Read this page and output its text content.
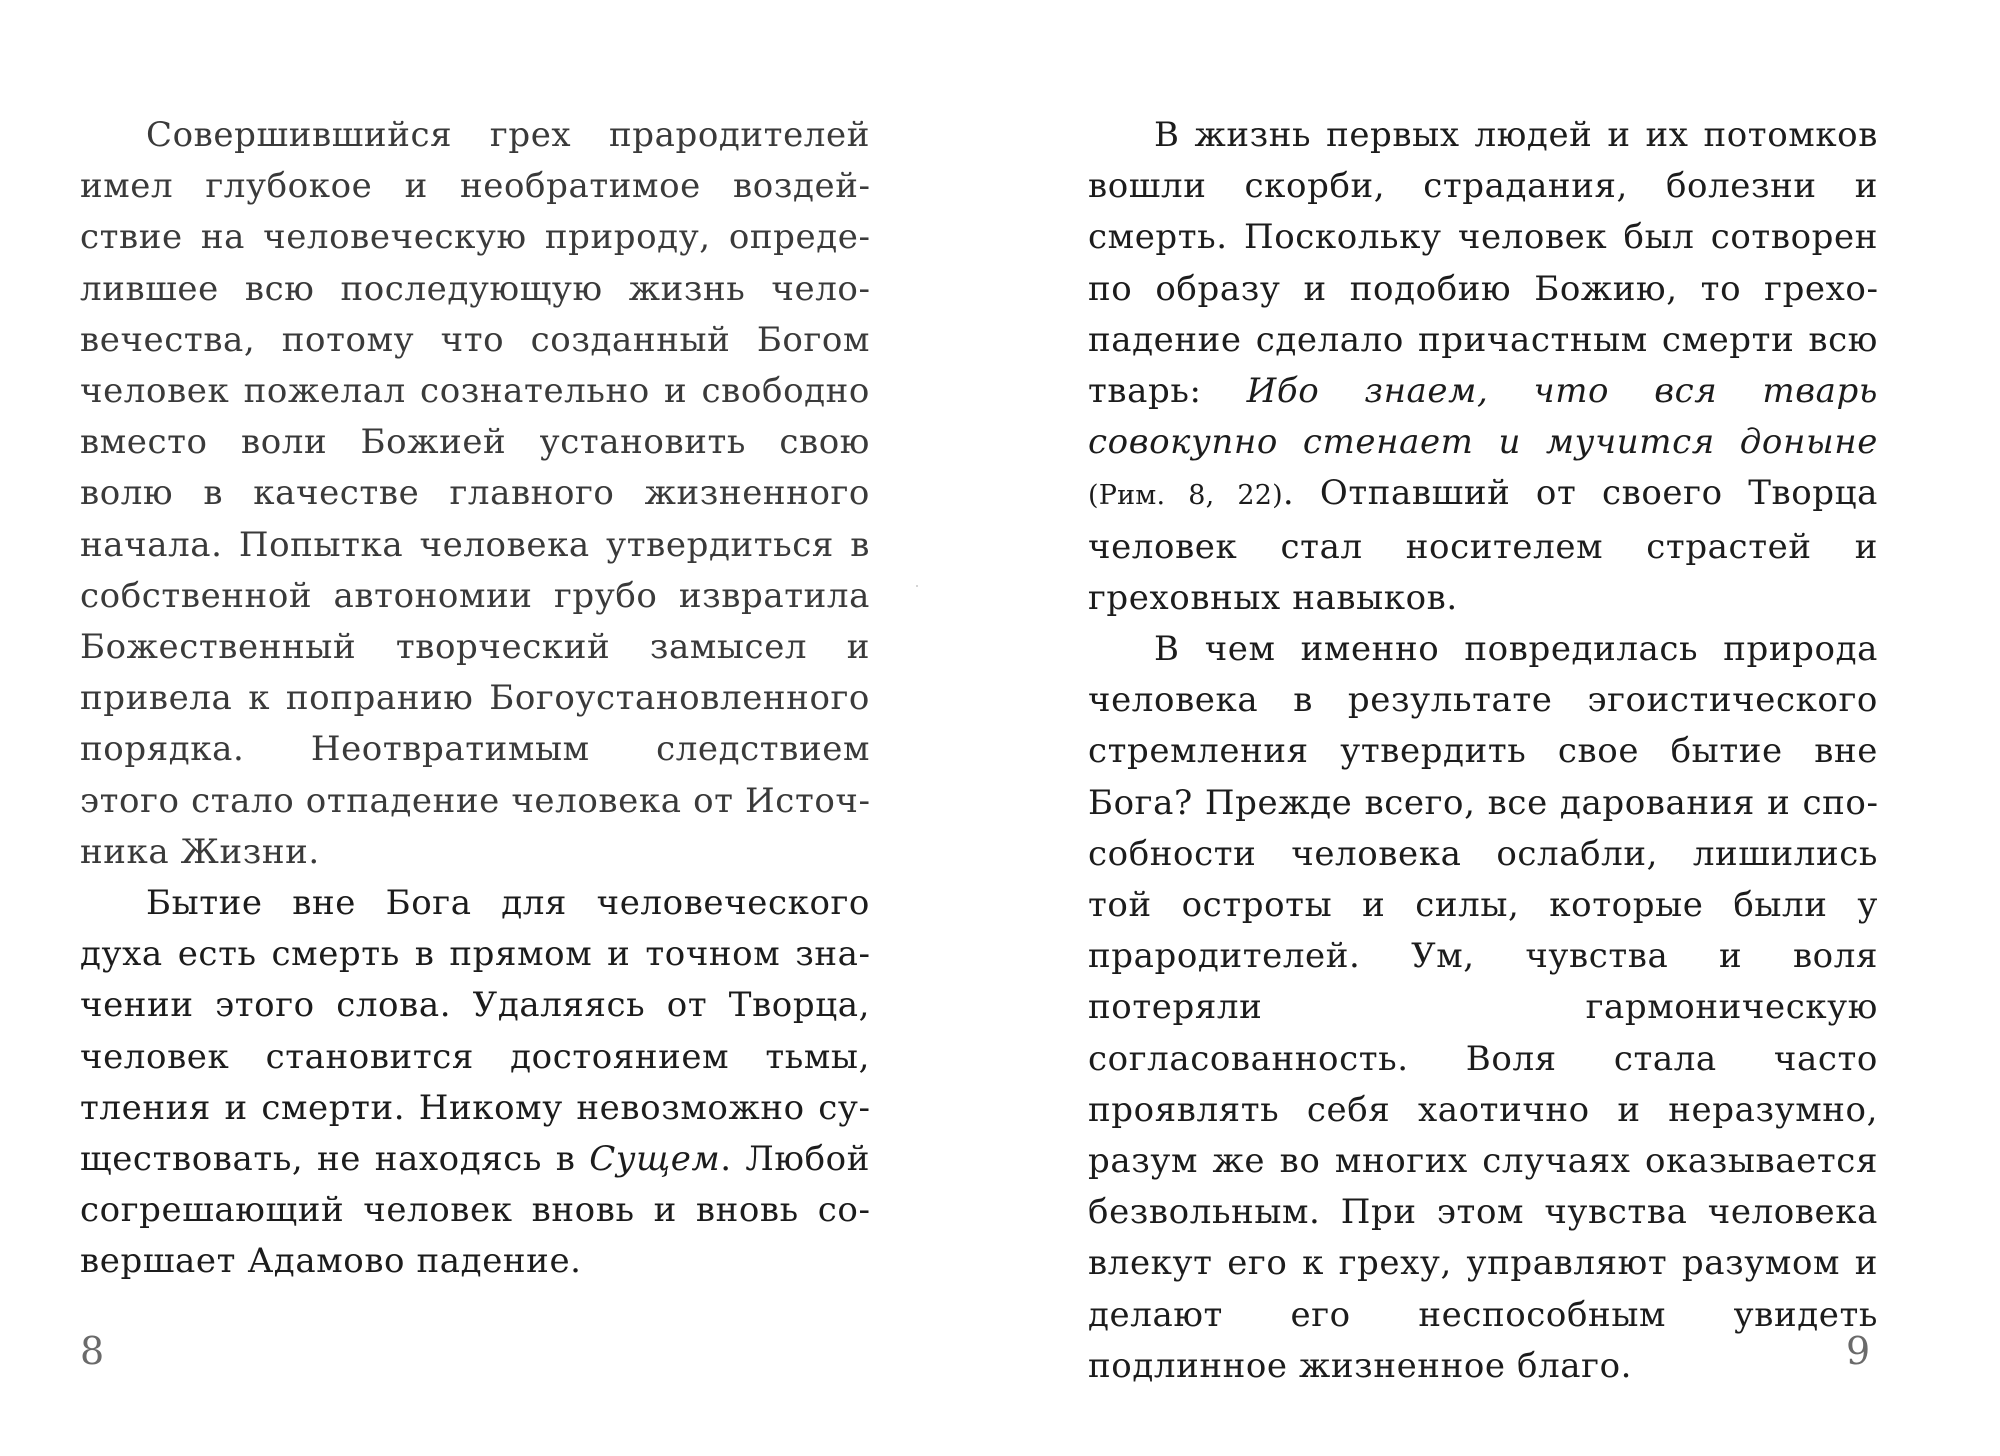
Совершившийся грех прародителей имел глубокое и необратимое воздействие на человеческую природу, определившее всю последующую жизнь человечества, потому что созданный Богом человек пожелал сознательно и свободно вместо воли Божией установить свою волю в качестве главного жизненного начала. Попытка человека утвердиться в собственной автономии грубо извратила Божественный творческий замысел и привела к попранию Богоустановленного порядка. Неотвратимым следствием этого стало отпадение человека от Источника Жизни.

Бытие вне Бога для человеческого духа есть смерть в прямом и точном значении этого слова. Удаляясь от Творца, человек становится достоянием тьмы, тления и смерти. Никому невозможно существовать, не находясь в Сущем. Любой согрешающий человек вновь и вновь совершает Адамово падение.

В жизнь первых людей и их потомков вошли скорби, страдания, болезни и смерть. Поскольку человек был сотворен по образу и подобию Божию, то грехопадение сделало причастным смерти всю тварь: Ибо знаем, что вся тварь совокупно стенает и мучится доныне (Рим. 8, 22). Отпавший от своего Творца человек стал носителем страстей и греховных навыков.

В чем именно повредилась природа человека в результате эгоистического стремления утвердить свое бытие вне Бога? Прежде всего, все дарования и способности человека ослабли, лишились той остроты и силы, которые были у прародителей. Ум, чувства и воля потеряли гармоническую согласованность. Воля стала часто проявлять себя хаотично и неразумно, разум же во многих случаях оказывается безвольным. При этом чувства человека влекут его к греху, управляют разумом и делают его неспособным увидеть подлинное жизненное благо.

8	9
